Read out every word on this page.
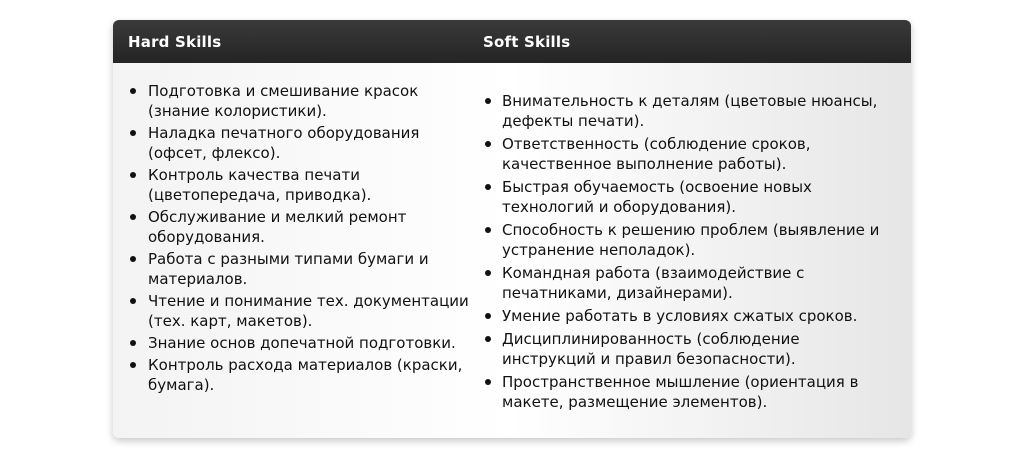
Hard Skills	Soft Skills
Подготовка и смешивание красок (знание колористики).
Наладка печатного оборудования (офсет, флексо).
Контроль качества печати (цветопередача, приводка).
Обслуживание и мелкий ремонт оборудования.
Работа с разными типами бумаги и материалов.
Чтение и понимание тех. документации (тех. карт, макетов).
Знание основ допечатной подготовки.
Контроль расхода материалов (краски, бумага).
Внимательность к деталям (цветовые нюансы, дефекты печати).
Ответственность (соблюдение сроков, качественное выполнение работы).
Быстрая обучаемость (освоение новых технологий и оборудования).
Способность к решению проблем (выявление и устранение неполадок).
Командная работа (взаимодействие с печатниками, дизайнерами).
Умение работать в условиях сжатых сроков.
Дисциплинированность (соблюдение инструкций и правил безопасности).
Пространственное мышление (ориентация в макете, размещение элементов).
